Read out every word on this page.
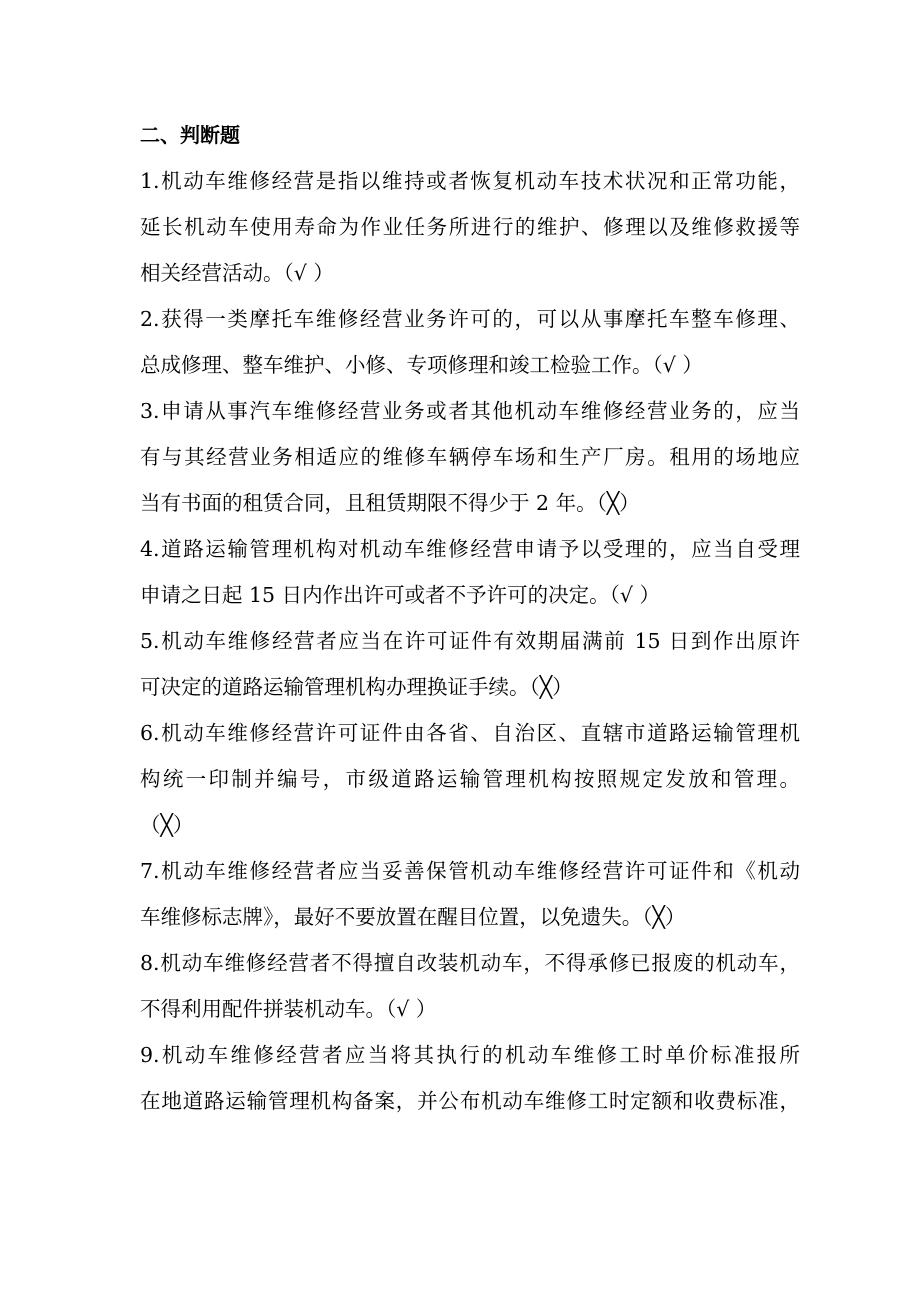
二、判断题
1.机动车维修经营是指以维持或者恢复机动车技术状况和正常功能，
延长机动车使用寿命为作业任务所进行的维护、修理以及维修救援等
相关经营活动。（√ ）
2.获得一类摩托车维修经营业务许可的，可以从事摩托车整车修理、
总成修理、整车维护、小修、专项修理和竣工检验工作。（√ ）
3.申请从事汽车维修经营业务或者其他机动车维修经营业务的，应当
有与其经营业务相适应的维修车辆停车场和生产厂房。租用的场地应
当有书面的租赁合同，且租赁期限不得少于 2 年。（╳）
4.道路运输管理机构对机动车维修经营申请予以受理的，应当自受理
申请之日起 15 日内作出许可或者不予许可的决定。（√ ）
5.机动车维修经营者应当在许可证件有效期届满前 15 日到作出原许
可决定的道路运输管理机构办理换证手续。（╳）
6.机动车维修经营许可证件由各省、自治区、直辖市道路运输管理机
构统一印制并编号，市级道路运输管理机构按照规定发放和管理。
（╳）
7.机动车维修经营者应当妥善保管机动车维修经营许可证件和《机动
车维修标志牌》，最好不要放置在醒目位置，以免遗失。（╳）
8.机动车维修经营者不得擅自改装机动车，不得承修已报废的机动车，
不得利用配件拼装机动车。（√ ）
9.机动车维修经营者应当将其执行的机动车维修工时单价标准报所
在地道路运输管理机构备案，并公布机动车维修工时定额和收费标准，
